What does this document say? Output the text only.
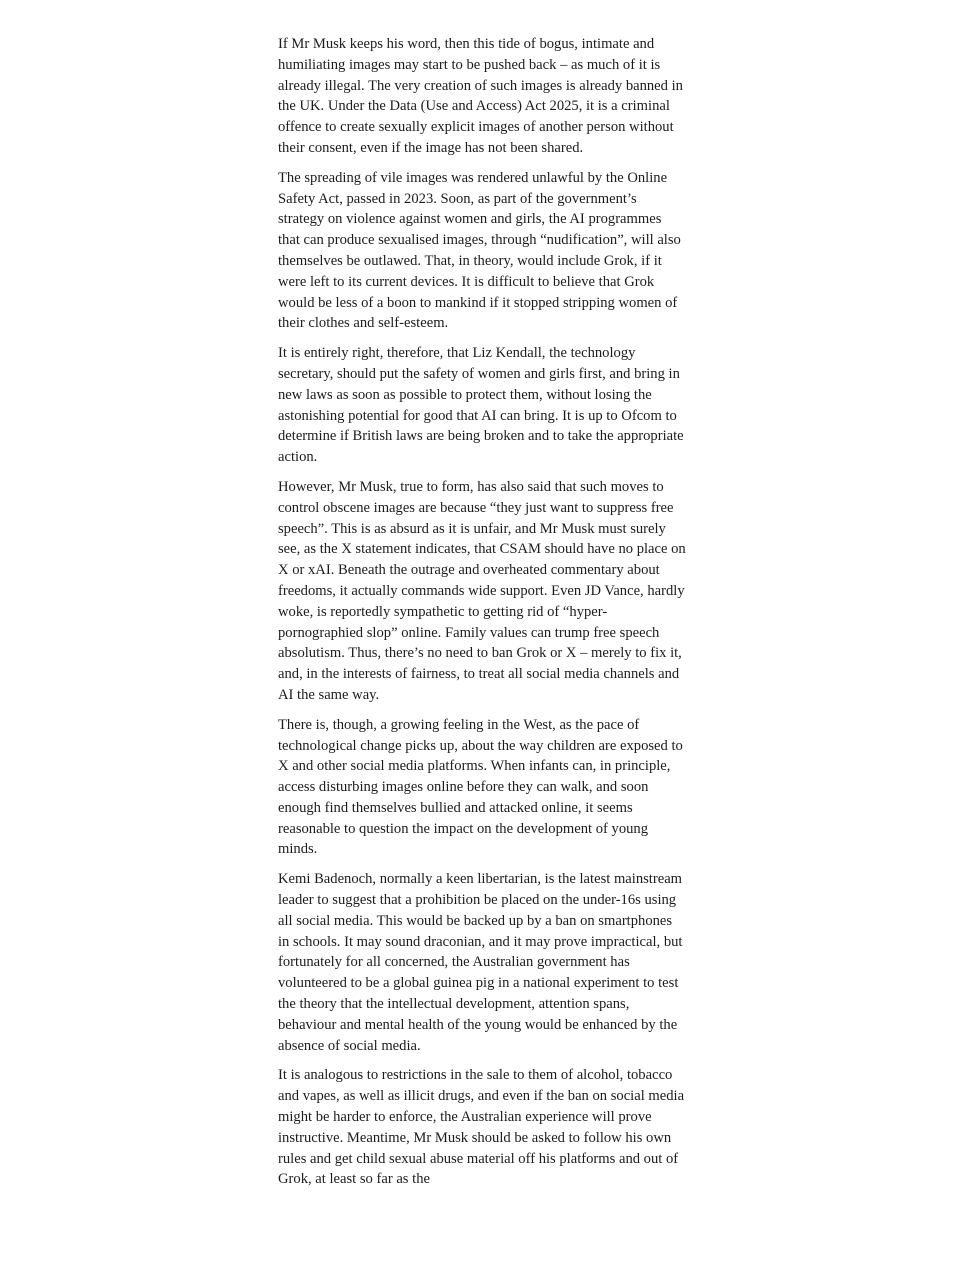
If Mr Musk keeps his word, then this tide of bogus, intimate and humiliating images may start to be pushed back – as much of it is already illegal. The very creation of such images is already banned in the UK. Under the Data (Use and Access) Act 2025, it is a criminal offence to create sexually explicit images of another person without their consent, even if the image has not been shared.

The spreading of vile images was rendered unlawful by the Online Safety Act, passed in 2023. Soon, as part of the government’s strategy on violence against women and girls, the AI programmes that can produce sexualised images, through “nudification”, will also themselves be outlawed. That, in theory, would include Grok, if it were left to its current devices. It is difficult to believe that Grok would be less of a boon to mankind if it stopped stripping women of their clothes and self-esteem.

It is entirely right, therefore, that Liz Kendall, the technology secretary, should put the safety of women and girls first, and bring in new laws as soon as possible to protect them, without losing the astonishing potential for good that AI can bring. It is up to Ofcom to determine if British laws are being broken and to take the appropriate action.

However, Mr Musk, true to form, has also said that such moves to control obscene images are because “they just want to suppress free speech”. This is as absurd as it is unfair, and Mr Musk must surely see, as the X statement indicates, that CSAM should have no place on X or xAI. Beneath the outrage and overheated commentary about freedoms, it actually commands wide support. Even JD Vance, hardly woke, is reportedly sympathetic to getting rid of “hyper-pornographied slop” online. Family values can trump free speech absolutism. Thus, there’s no need to ban Grok or X – merely to fix it, and, in the interests of fairness, to treat all social media channels and AI the same way.

There is, though, a growing feeling in the West, as the pace of technological change picks up, about the way children are exposed to X and other social media platforms. When infants can, in principle, access disturbing images online before they can walk, and soon enough find themselves bullied and attacked online, it seems reasonable to question the impact on the development of young minds.

Kemi Badenoch, normally a keen libertarian, is the latest mainstream leader to suggest that a prohibition be placed on the under-16s using all social media. This would be backed up by a ban on smartphones in schools. It may sound draconian, and it may prove impractical, but fortunately for all concerned, the Australian government has volunteered to be a global guinea pig in a national experiment to test the theory that the intellectual development, attention spans, behaviour and mental health of the young would be enhanced by the absence of social media.

It is analogous to restrictions in the sale to them of alcohol, tobacco and vapes, as well as illicit drugs, and even if the ban on social media might be harder to enforce, the Australian experience will prove instructive. Meantime, Mr Musk should be asked to follow his own rules and get child sexual abuse material off his platforms and out of Grok, at least so far as the
